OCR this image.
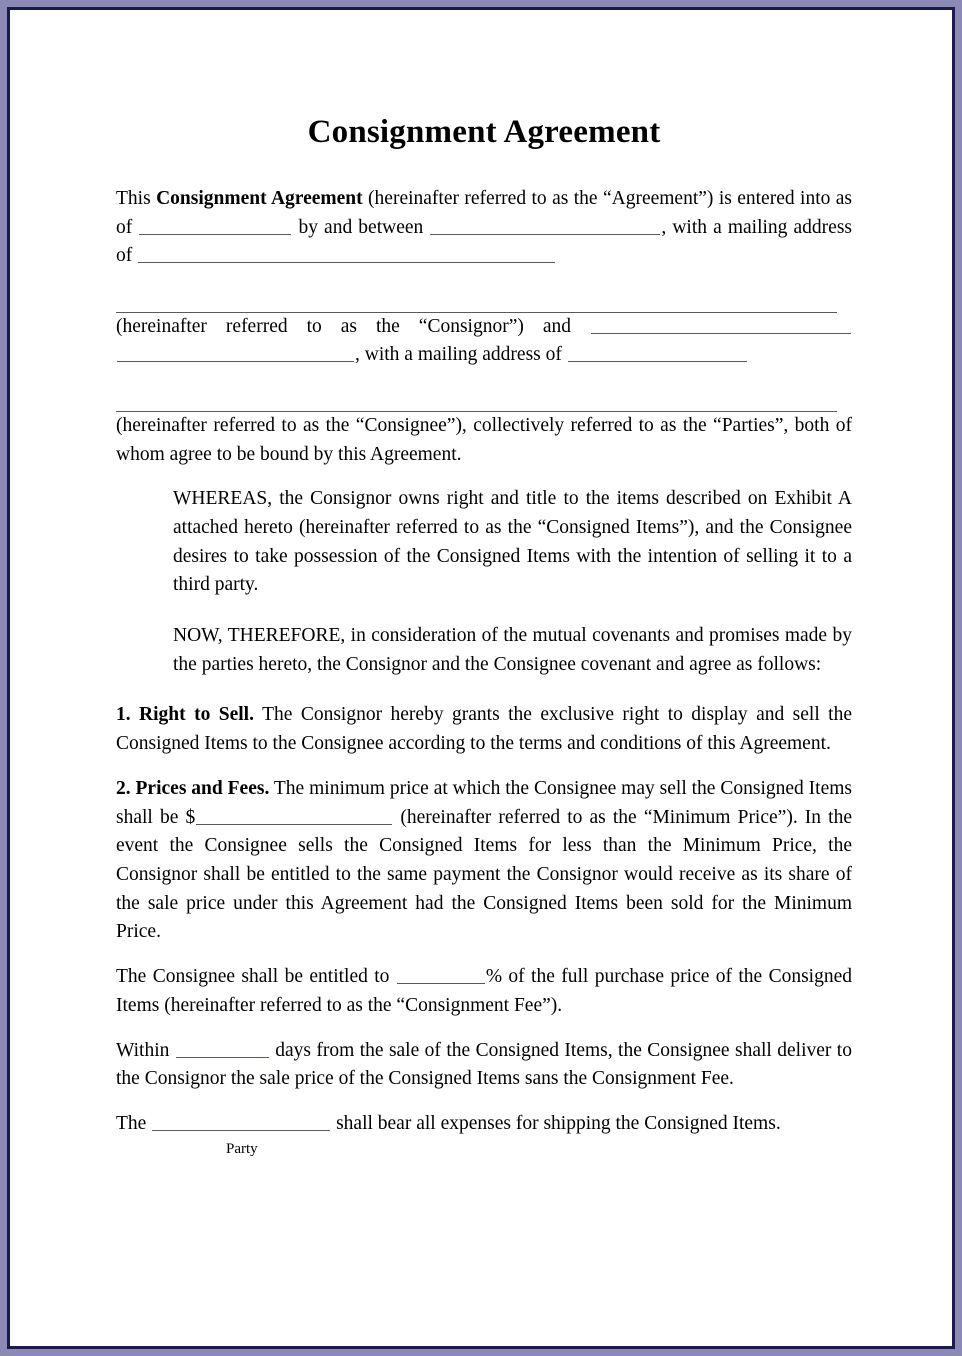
Consignment Agreement

This Consignment Agreement (hereinafter referred to as the “Agreement”) is entered into as of	by and between	, with a mailing address of

(hereinafter referred to as the “Consignor”) and , with a mailing address of

(hereinafter referred to as the “Consignee”), collectively referred to as the “Parties”, both of whom agree to be bound by this Agreement.

WHEREAS, the Consignor owns right and title to the items described on Exhibit A attached hereto (hereinafter referred to as the “Consigned Items”), and the Consignee desires to take possession of the Consigned Items with the intention of selling it to a third party.

NOW, THEREFORE, in consideration of the mutual covenants and promises made by the parties hereto, the Consignor and the Consignee covenant and agree as follows:

1. Right to Sell. The Consignor hereby grants the exclusive right to display and sell the Consigned Items to the Consignee according to the terms and conditions of this Agreement.

2. Prices and Fees. The minimum price at which the Consignee may sell the Consigned Items shall be $	(hereinafter referred to as the “Minimum Price”). In the event the Consignee sells the Consigned Items for less than the Minimum Price, the Consignor shall be entitled to the same payment the Consignor would receive as its share of the sale price under this Agreement had the Consigned Items been sold for the Minimum Price.

The Consignee shall be entitled to	% of the full purchase price of the Consigned Items (hereinafter referred to as the “Consignment Fee”).

Within	days from the sale of the Consigned Items, the Consignee shall deliver to the Consignor the sale price of the Consigned Items sans the Consignment Fee.

The	shall bear all expenses for shipping the Consigned Items.

Party
